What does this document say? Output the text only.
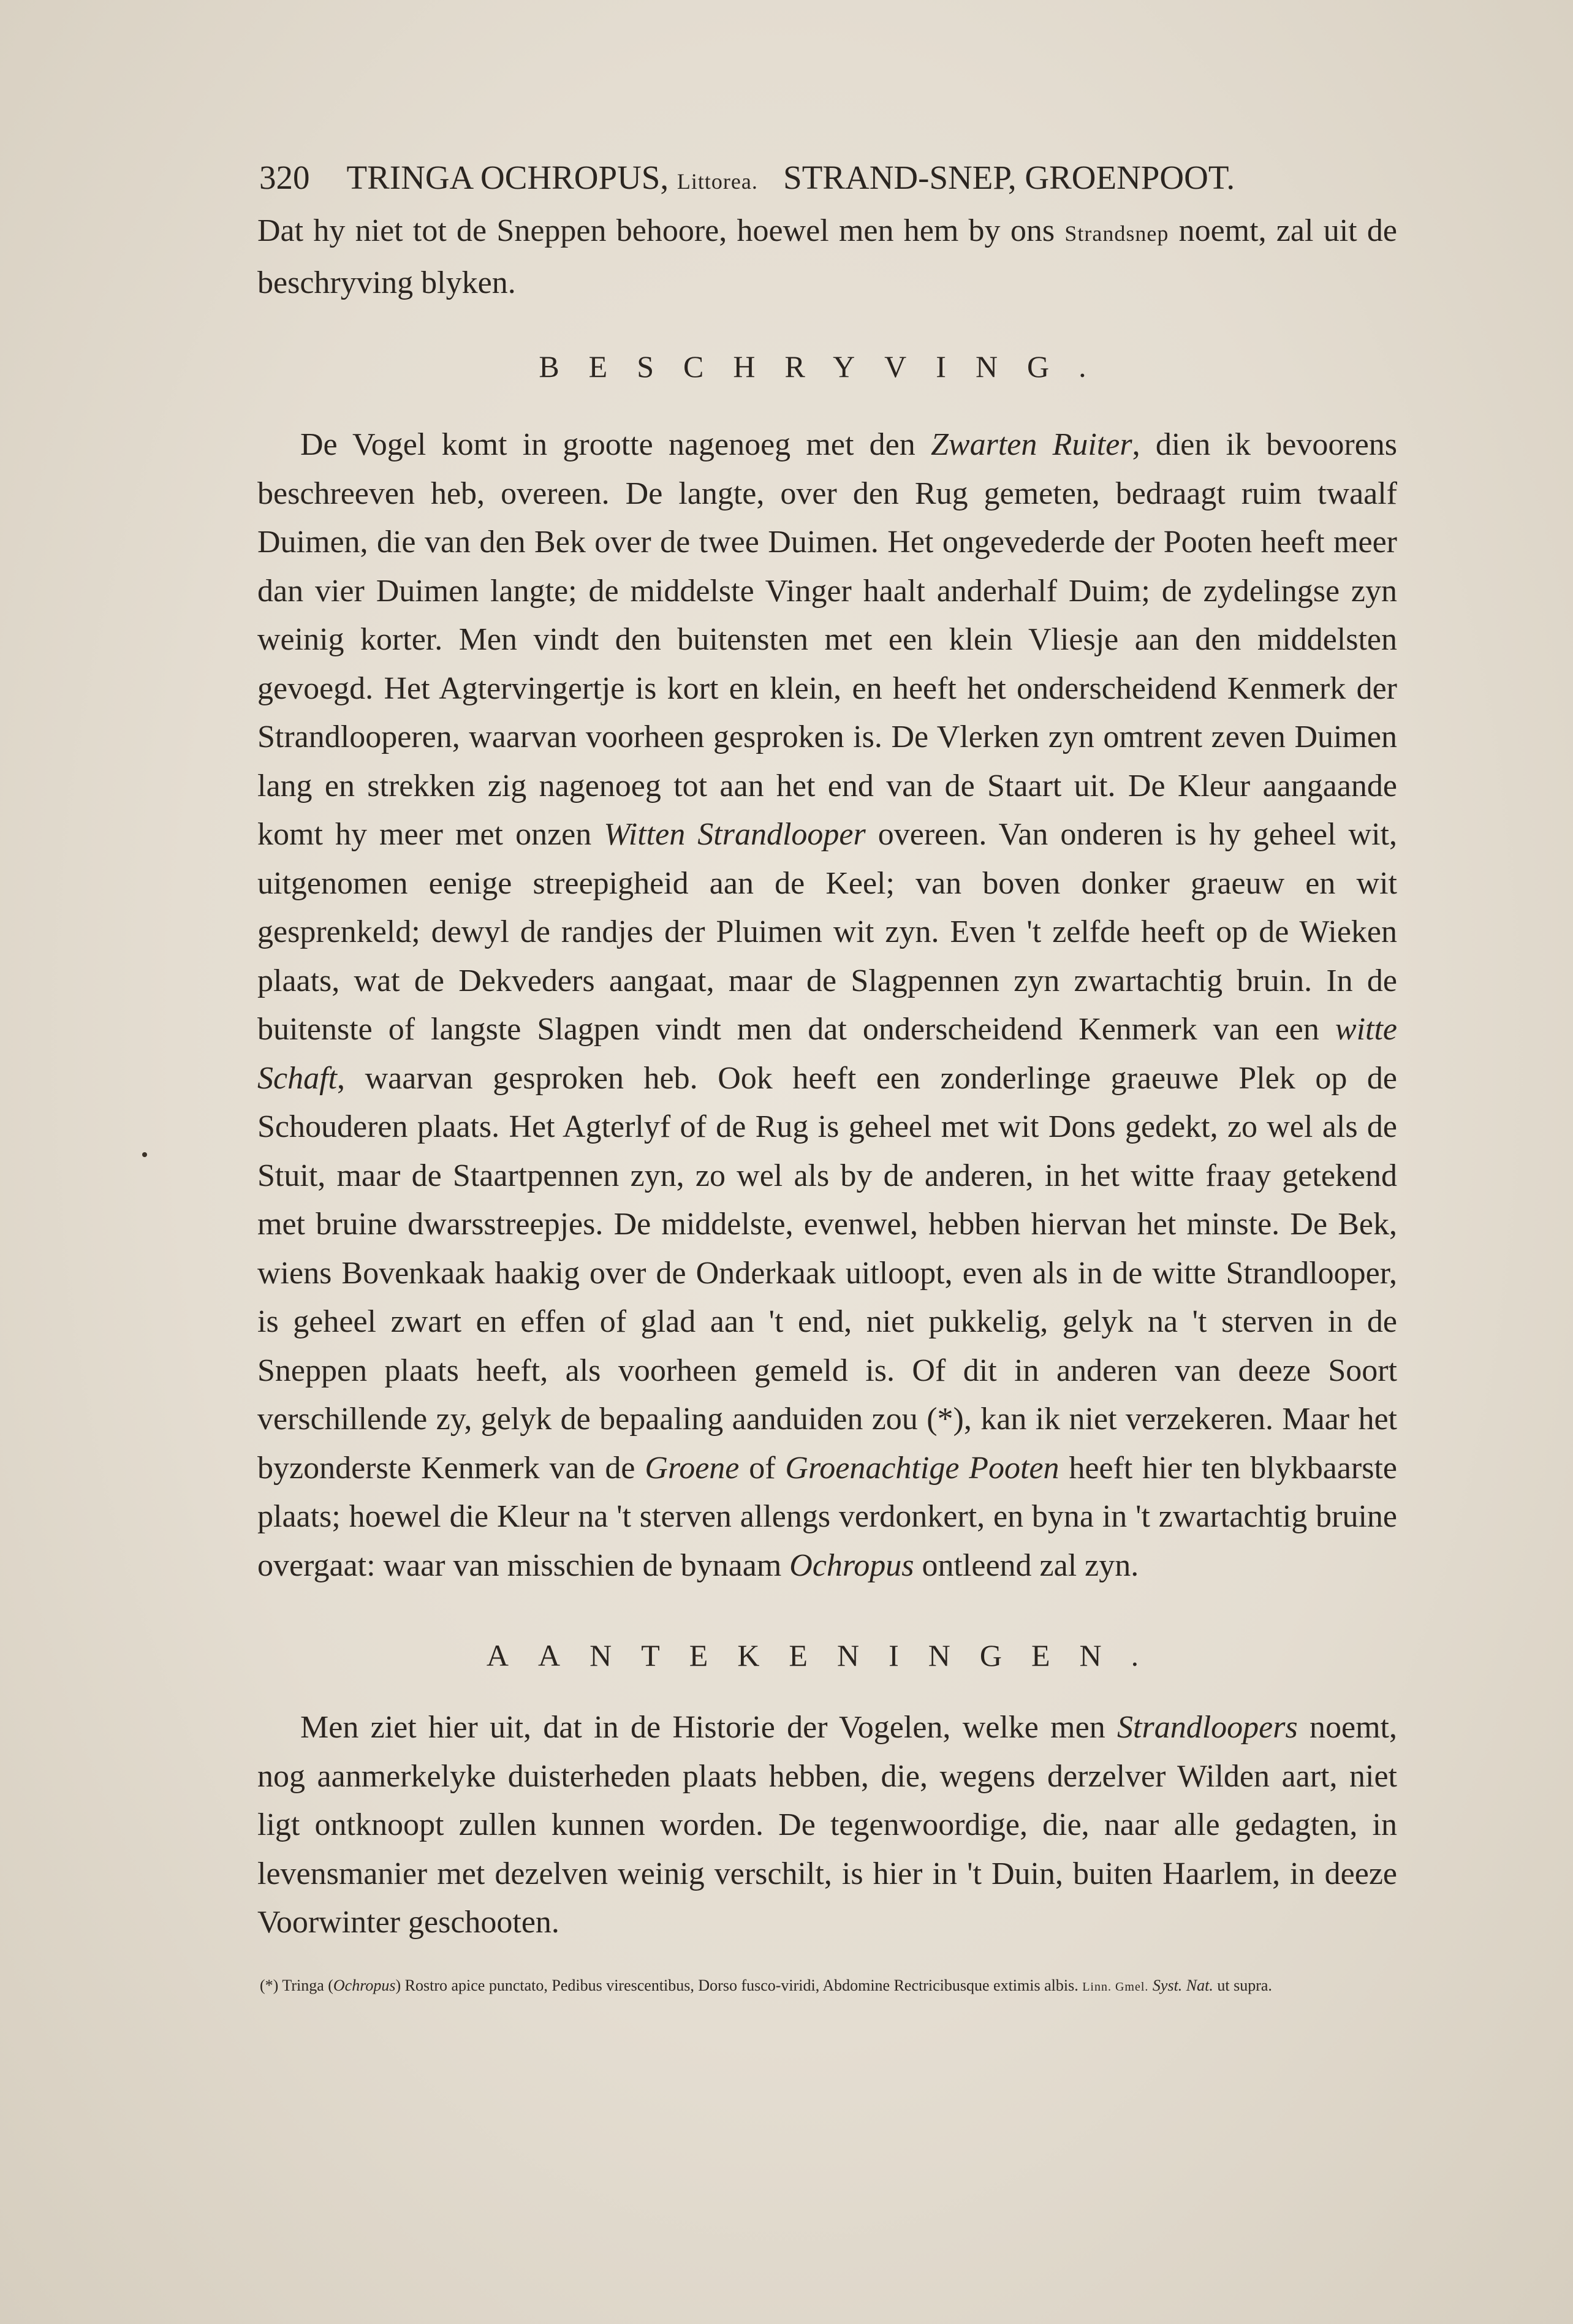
320 TRINGA OCHROPUS,
Littorea.
STRAND-SNEP, GROENPOOT.
Dat hy niet tot de Sneppen behoore, hoewel men hem by ons Strandsnep noemt, zal uit de beschryving blyken.
BESCHRYVING.
De Vogel komt in grootte nagenoeg met den Zwarten Ruiter, dien ik bevoorens beschreeven heb, overeen. De langte, over den Rug gemeten, bedraagt ruim twaalf Duimen, die van den Bek over de twee Duimen. Het ongevederde der Pooten heeft meer dan vier Duimen langte; de middelste Vinger haalt anderhalf Duim; de zydelingse zyn weinig korter. Men vindt den buitensten met een klein Vliesje aan den middelsten gevoegd. Het Agtervingertje is kort en klein, en heeft het onderscheidend Kenmerk der Strandlooperen, waarvan voorheen gesproken is. De Vlerken zyn omtrent zeven Duimen lang en strekken zig nagenoeg tot aan het end van de Staart uit. De Kleur aangaande komt hy meer met onzen Witten Strandlooper overeen. Van onderen is hy geheel wit, uitgenomen eenige streepigheid aan de Keel; van boven donker graeuw en wit gesprenkeld; dewyl de randjes der Pluimen wit zyn. Even 't zelfde heeft op de Wieken plaats, wat de Dekveders aangaat, maar de Slagpennen zyn zwartachtig bruin. In de buitenste of langste Slagpen vindt men dat onderscheidend Kenmerk van een witte Schaft, waarvan gesproken heb. Ook heeft een zonderlinge graeuwe Plek op de Schouderen plaats. Het Agterlyf of de Rug is geheel met wit Dons gedekt, zo wel als de Stuit, maar de Staartpennen zyn, zo wel als by de anderen, in het witte fraay getekend met bruine dwarsstreepjes. De middelste, evenwel, hebben hiervan het minste. De Bek, wiens Bovenkaak haakig over de Onderkaak uitloopt, even als in de witte Strandlooper, is geheel zwart en effen of glad aan 't end, niet pukkelig, gelyk na 't sterven in de Sneppen plaats heeft, als voorheen gemeld is. Of dit in anderen van deeze Soort verschillende zy, gelyk de bepaaling aanduiden zou (*), kan ik niet verzekeren. Maar het byzonderste Kenmerk van de Groene of Groenachtige Pooten heeft hier ten blykbaarste plaats; hoewel die Kleur na 't sterven allengs verdonkert, en byna in 't zwartachtig bruine overgaat: waar van misschien de bynaam Ochropus ontleend zal zyn.
AANTEKENINGEN.
Men ziet hier uit, dat in de Historie der Vogelen, welke men Strandloopers noemt, nog aanmerkelyke duisterheden plaats hebben, die, wegens derzelver Wilden aart, niet ligt ontknoopt zullen kunnen worden. De tegenwoordige, die, naar alle gedagten, in levensmanier met dezelven weinig verschilt, is hier in 't Duin, buiten Haarlem, in deeze Voorwinter geschooten.
(*) Tringa (Ochropus) Rostro apice punctato, Pedibus virescentibus, Dorso fusco-viridi, Abdomine Rectricibusque extimis albis. Linn. Gmel. Syst. Nat. ut supra.
